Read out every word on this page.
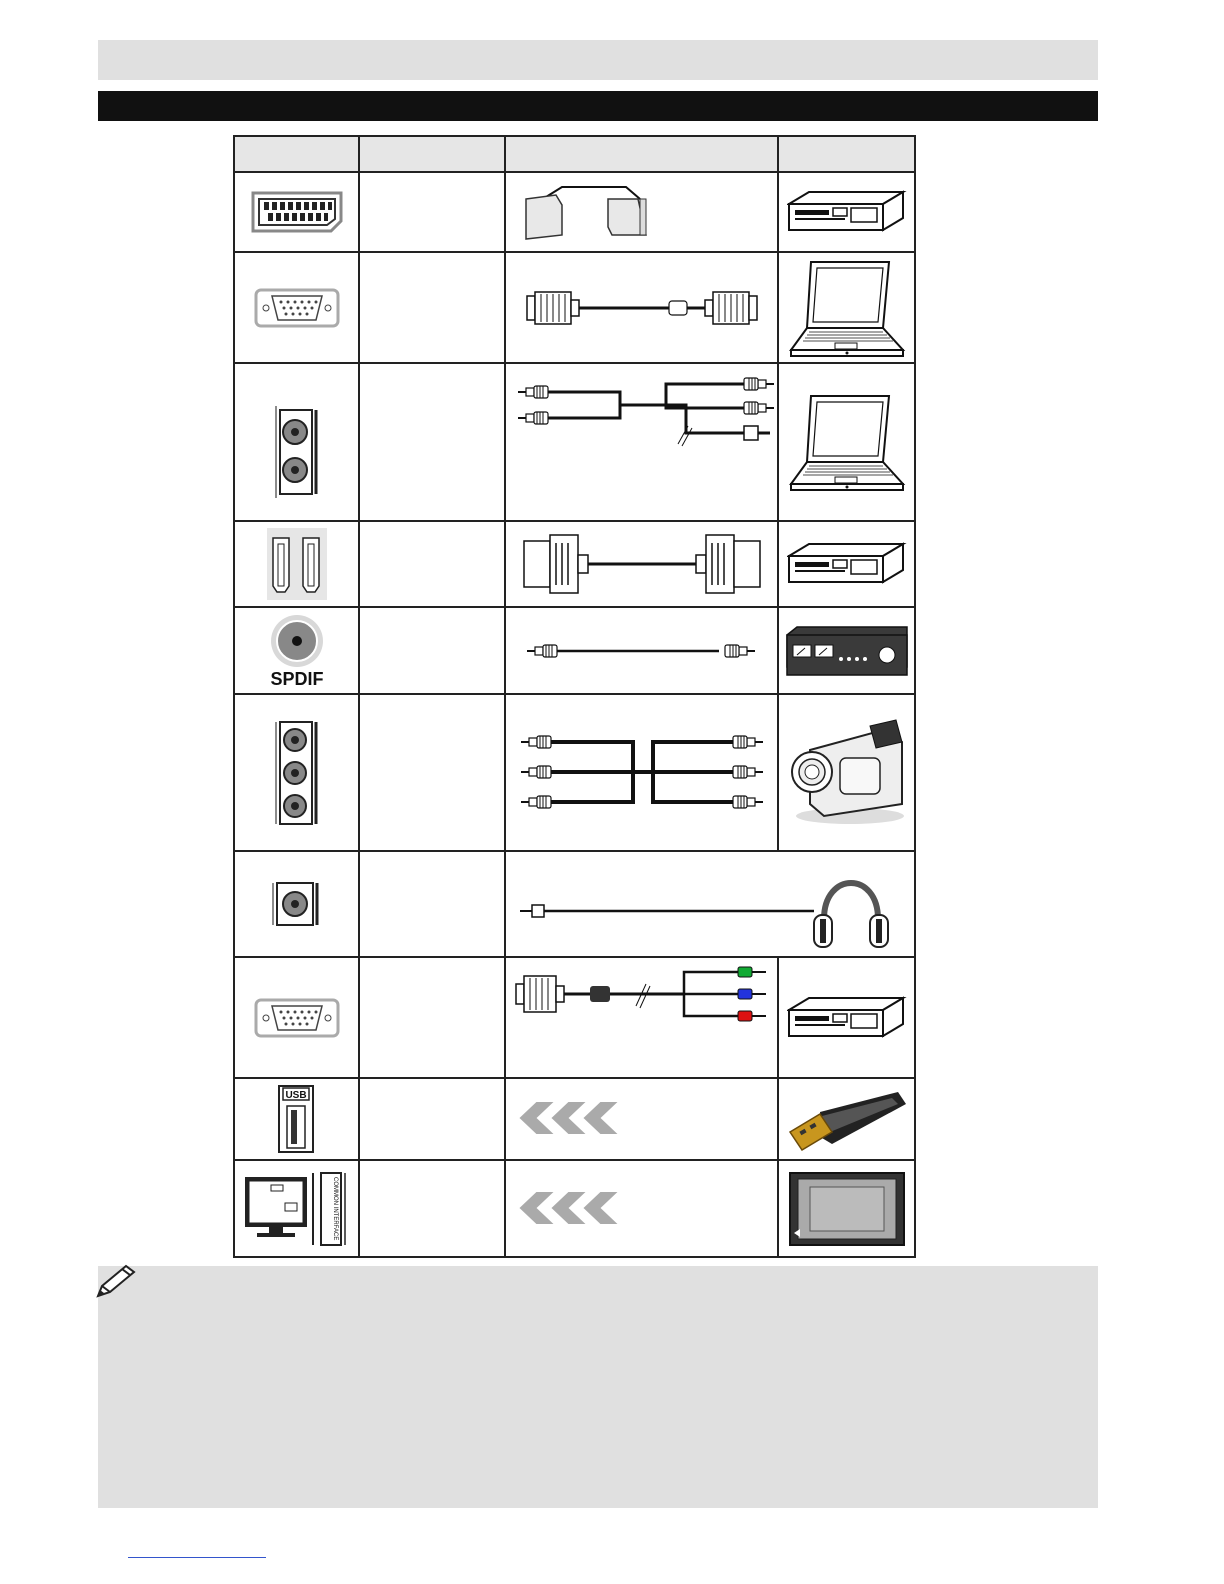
SPDIF

USB

COMMON INTERFACE
